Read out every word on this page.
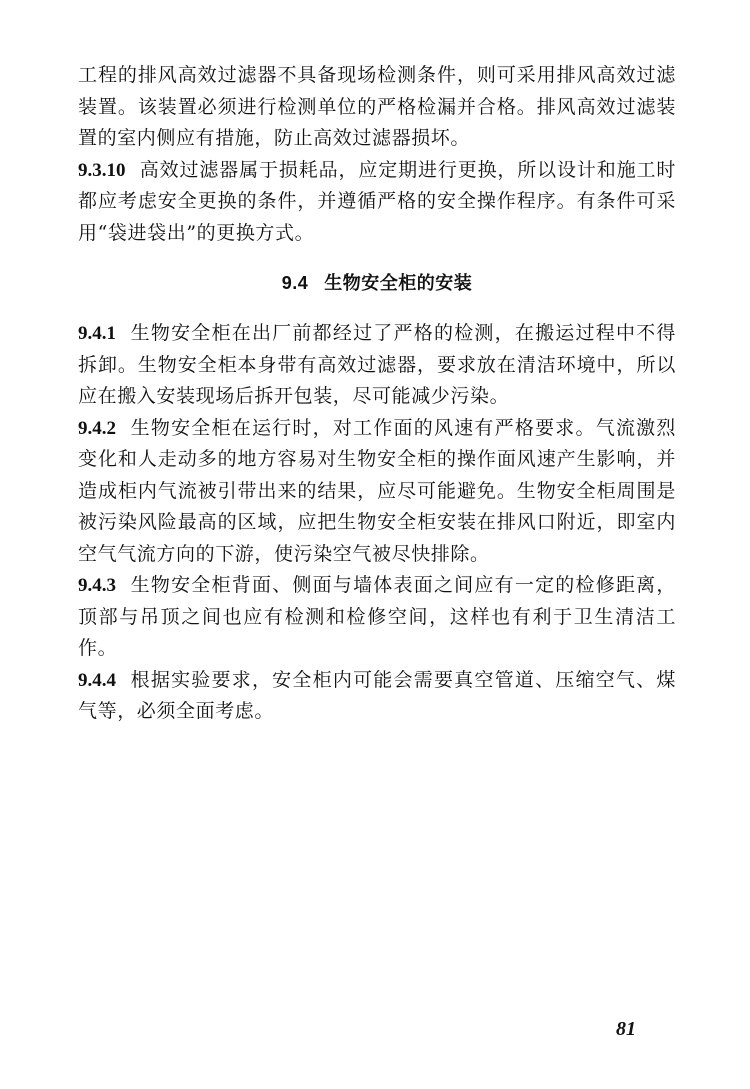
工程的排风高效过滤器不具备现场检测条件，则可采用排风高效过滤装置。该装置必须进行检测单位的严格检漏并合格。排风高效过滤装置的室内侧应有措施，防止高效过滤器损坏。

9.3.10 高效过滤器属于损耗品，应定期进行更换，所以设计和施工时都应考虑安全更换的条件，并遵循严格的安全操作程序。有条件可采用“袋进袋出”的更换方式。

9.4 生物安全柜的安装

9.4.1 生物安全柜在出厂前都经过了严格的检测，在搬运过程中不得拆卸。生物安全柜本身带有高效过滤器，要求放在清洁环境中，所以应在搬入安装现场后拆开包装，尽可能减少污染。

9.4.2 生物安全柜在运行时，对工作面的风速有严格要求。气流激烈变化和人走动多的地方容易对生物安全柜的操作面风速产生影响，并造成柜内气流被引带出来的结果，应尽可能避免。生物安全柜周围是被污染风险最高的区域，应把生物安全柜安装在排风口附近，即室内空气气流方向的下游，使污染空气被尽快排除。

9.4.3 生物安全柜背面、侧面与墙体表面之间应有一定的检修距离，顶部与吊顶之间也应有检测和检修空间，这样也有利于卫生清洁工作。

9.4.4 根据实验要求，安全柜内可能会需要真空管道、压缩空气、煤气等，必须全面考虑。

81
